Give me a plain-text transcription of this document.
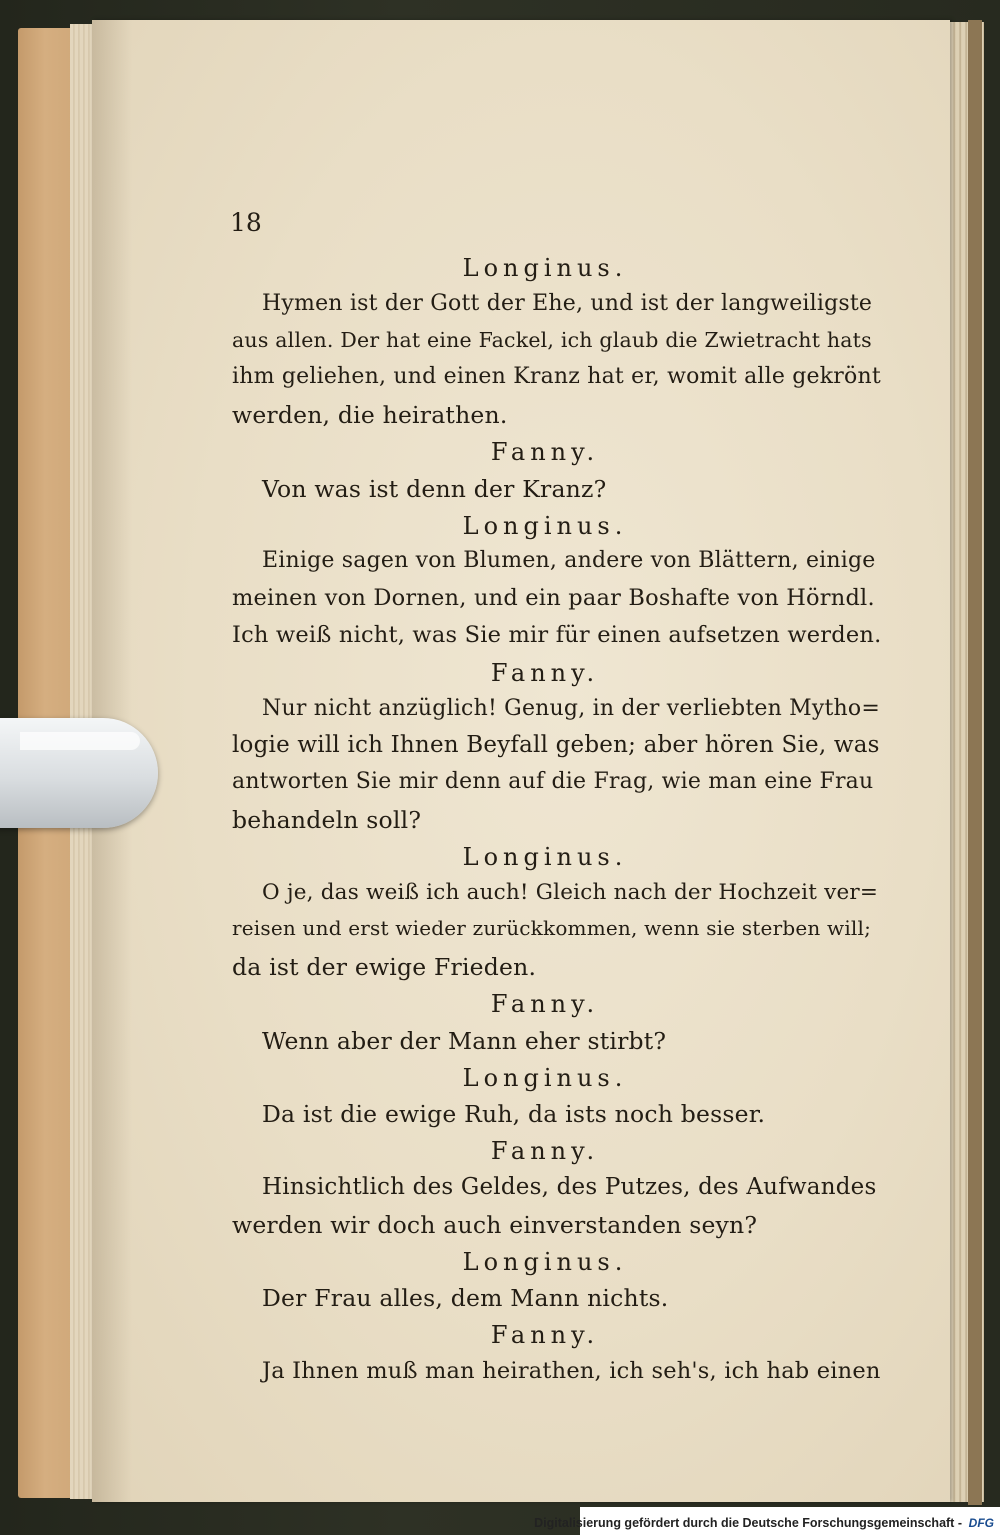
18
Longinus.
Hymen ist der Gott der Ehe, und ist der langweiligste
aus allen. Der hat eine Fackel, ich glaub die Zwietracht hats
ihm geliehen, und einen Kranz hat er, womit alle gekrönt
werden, die heirathen.
Fanny.
Von was ist denn der Kranz?
Longinus.
Einige sagen von Blumen, andere von Blättern, einige
meinen von Dornen, und ein paar Boshafte von Hörndl.
Ich weiß nicht, was Sie mir für einen aufsetzen werden.
Fanny.
Nur nicht anzüglich! Genug, in der verliebten Mytho=
logie will ich Ihnen Beyfall geben; aber hören Sie, was
antworten Sie mir denn auf die Frag, wie man eine Frau
behandeln soll?
Longinus.
O je, das weiß ich auch! Gleich nach der Hochzeit ver=
reisen und erst wieder zurückkommen, wenn sie sterben will;
da ist der ewige Frieden.
Fanny.
Wenn aber der Mann eher stirbt?
Longinus.
Da ist die ewige Ruh, da ists noch besser.
Fanny.
Hinsichtlich des Geldes, des Putzes, des Aufwandes
werden wir doch auch einverstanden seyn?
Longinus.
Der Frau alles, dem Mann nichts.
Fanny.
Ja Ihnen muß man heirathen, ich seh's, ich hab einen
Digitalisierung gefördert durch die Deutsche Forschungsgemeinschaft - DFG
